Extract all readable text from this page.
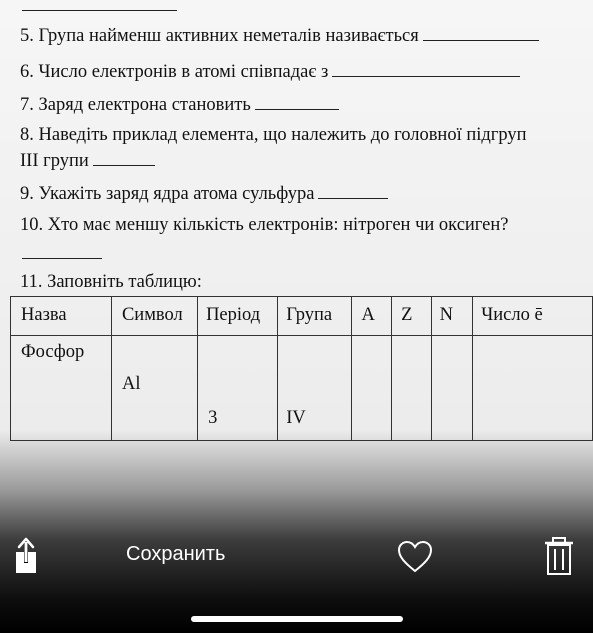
5. Група найменш активних неметалів називається
6. Число електронів в атомі співпадає з
7. Заряд електрона становить
8. Наведіть приклад елемента, що належить до головної підгруп
ІІІ групи
9. Укажіть заряд ядра атома сульфура
10. Хто має меншу кількість електронів: нітроген чи оксиген?
11. Заповніть таблицю:
Назва	Символ	Період	Група	A	Z	N	Число ē

Фосфор	Al	3	IV				

Сохранить
